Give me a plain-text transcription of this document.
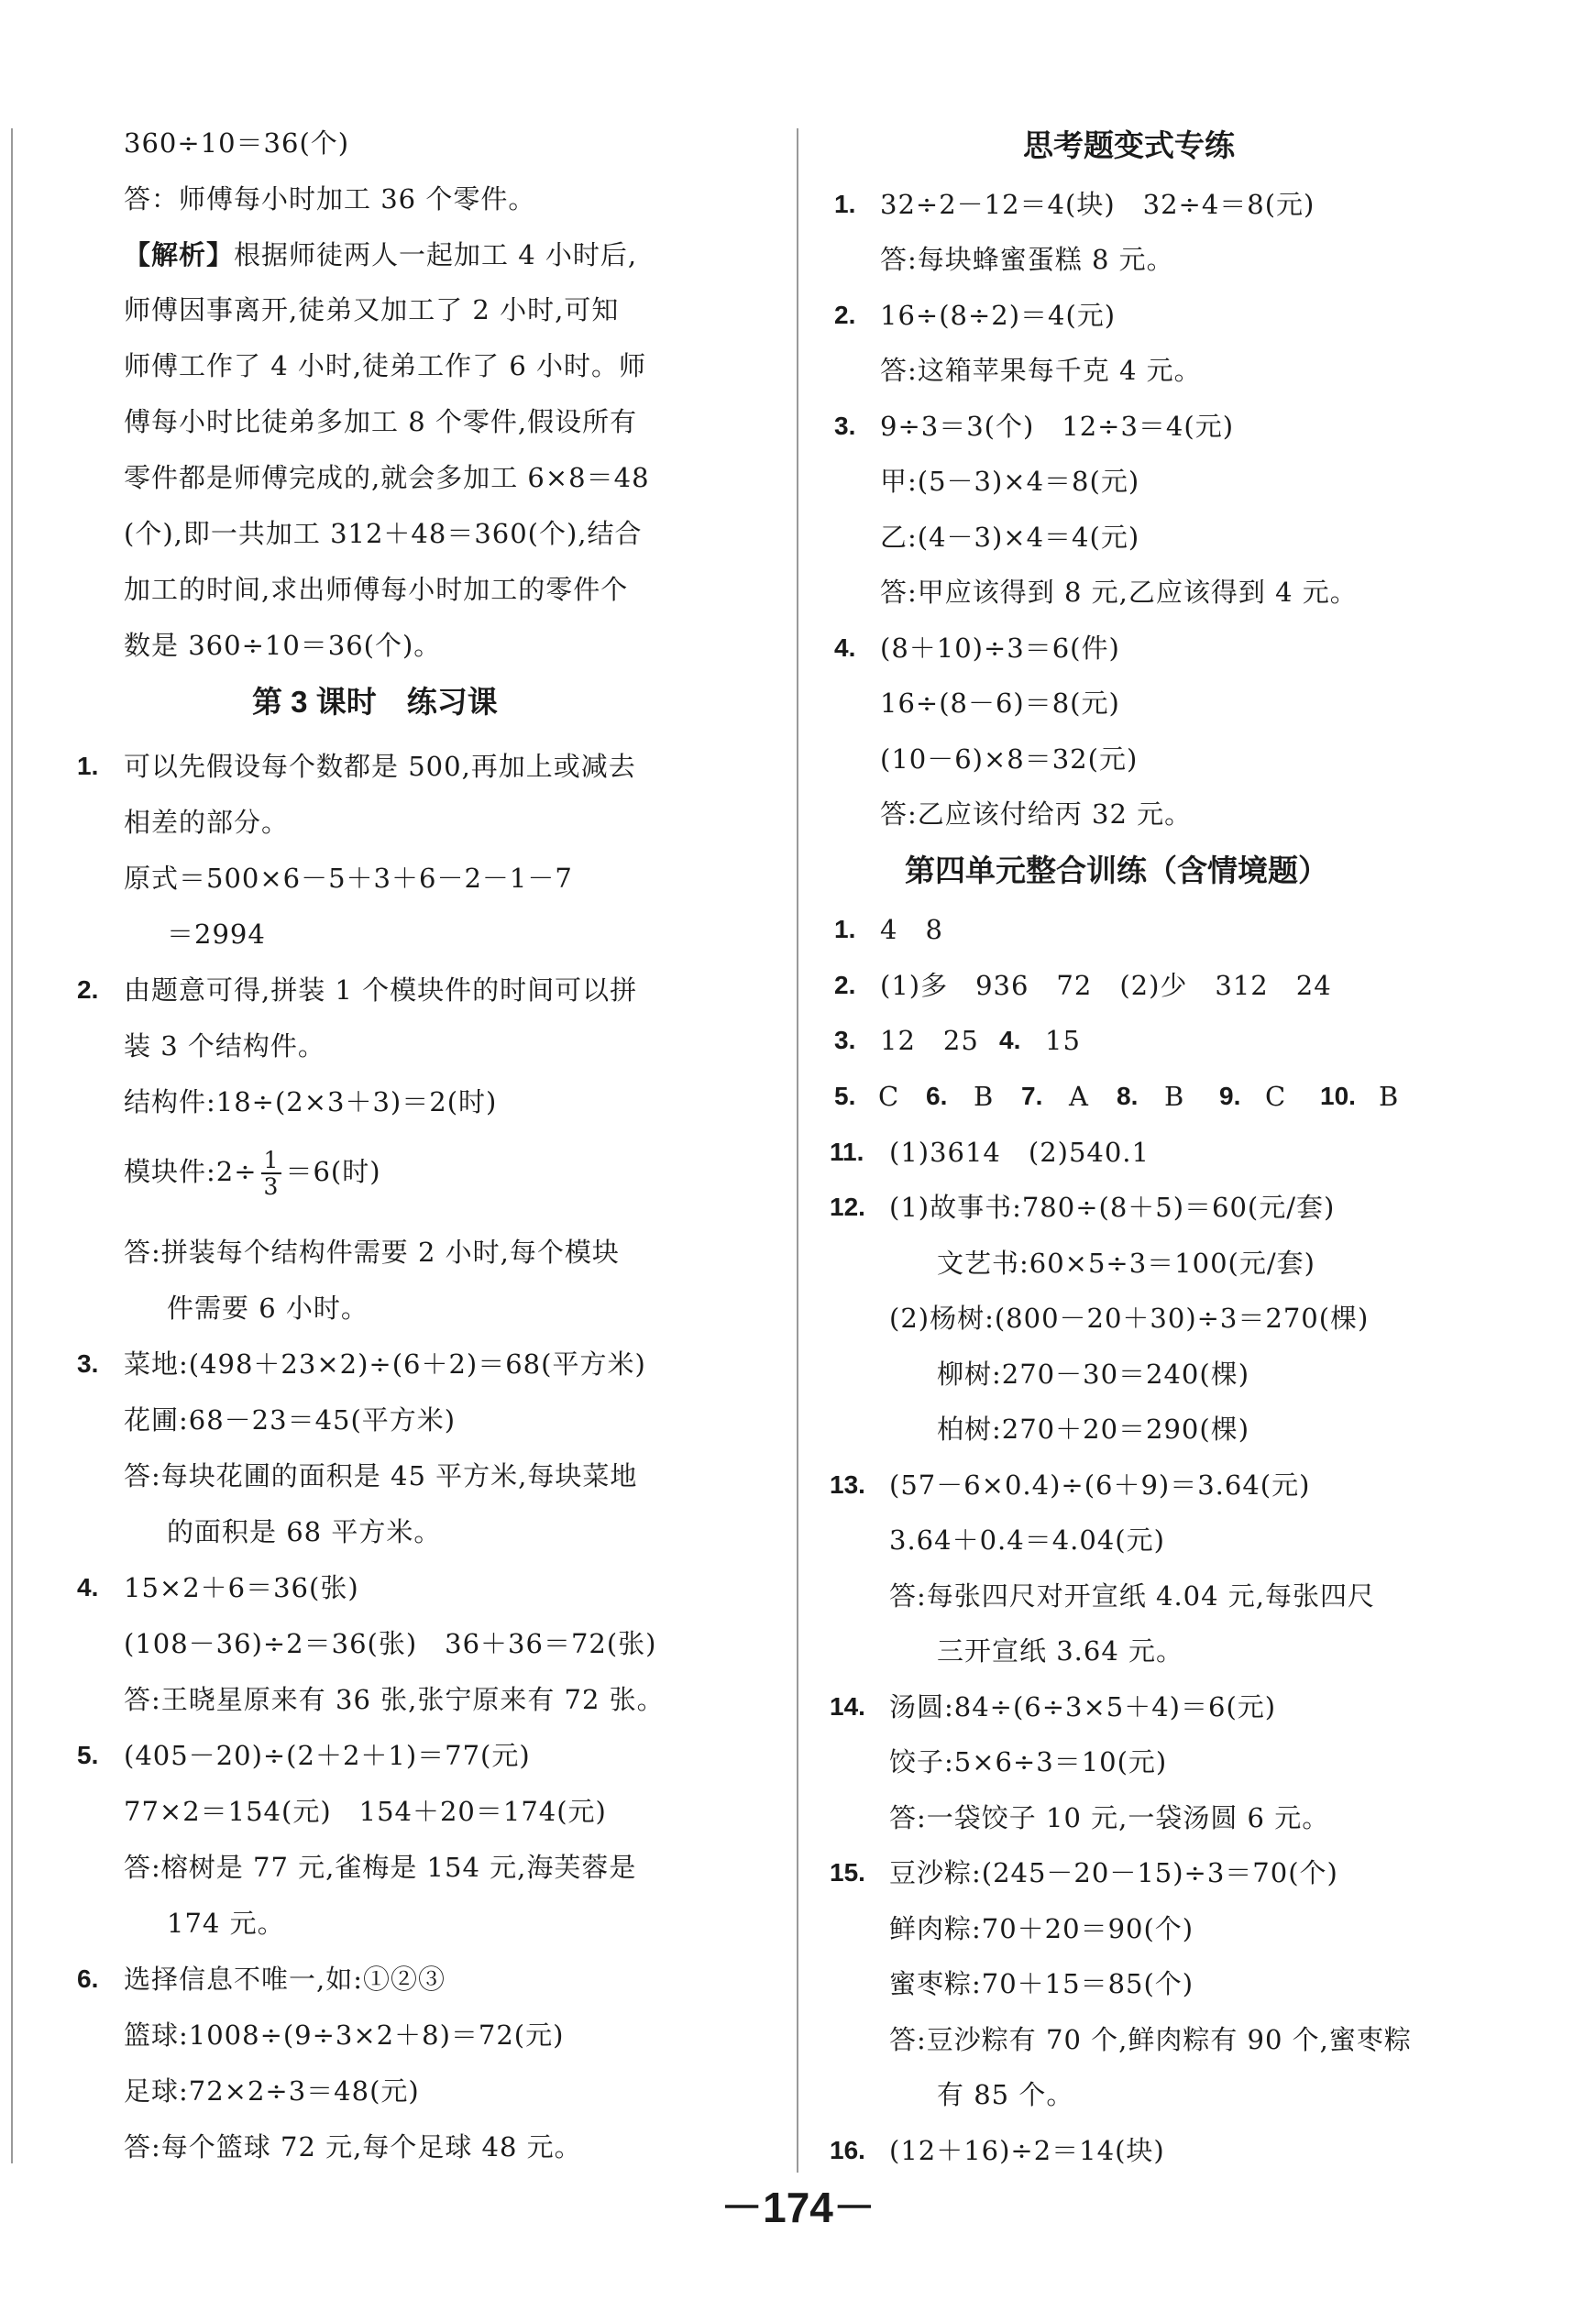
360÷10＝36(个)
答：师傅每小时加工 36 个零件。
【解析】根据师徒两人一起加工 4 小时后,
师傅因事离开,徒弟又加工了 2 小时,可知
师傅工作了 4 小时,徒弟工作了 6 小时。师
傅每小时比徒弟多加工 8 个零件,假设所有
零件都是师傅完成的,就会多加工 6×8＝48
(个),即一共加工 312＋48＝360(个),结合
加工的时间,求出师傅每小时加工的零件个
数是 360÷10＝36(个)。
第 3 课时　练习课
1. 可以先假设每个数都是 500,再加上或减去
相差的部分。
原式＝500×6－5＋3＋6－2－1－7
＝2994
2. 由题意可得,拼装 1 个模块件的时间可以拼
装 3 个结构件。
结构件:18÷(2×3＋3)＝2(时)
模块件:2÷ $\frac{1}{3} =6$(时)
答:拼装每个结构件需要 2 小时,每个模块
件需要 6 小时。
3. 菜地:(498＋23×2)÷(6＋2)＝68(平方米)
花圃:68－23＝45(平方米)
答:每块花圃的面积是 45 平方米,每块菜地
的面积是 68 平方米。
4. 15×2＋6＝36(张)
(108－36)÷2＝36(张)　36＋36＝72(张)
答:王晓星原来有 36 张,张宁原来有 72 张。
5. (405－20)÷(2＋2＋1)＝77(元)
77×2＝154(元)　154＋20＝174(元)
答:榕树是 77 元,雀梅是 154 元,海芙蓉是
174 元。
6. 选择信息不唯一,如:①②③
篮球:1008÷(9÷3×2＋8)＝72(元)
足球:72×2÷3＝48(元)
答:每个篮球 72 元,每个足球 48 元。
思考题变式专练
1. 32÷2－12＝4(块)　32÷4＝8(元)
答:每块蜂蜜蛋糕 8 元。
2. 16÷(8÷2)＝4(元)
答:这箱苹果每千克 4 元。
3. 9÷3＝3(个)　12÷3＝4(元)
甲:(5－3)×4＝8(元)
乙:(4－3)×4＝4(元)
答:甲应该得到 8 元,乙应该得到 4 元。
4. (8＋10)÷3＝6(件)
16÷(8－6)＝8(元)
(10－6)×8＝32(元)
答:乙应该付给丙 32 元。
第四单元整合训练（含情境题）
1. 4　8
2. (1)多　936　72　(2)少　312　24
3. 12　25 4. 15
5. C 6. B 7. A 8. B 9. C 10. B
11. (1)3614　(2)540.1
12. (1)故事书:780÷(8＋5)＝60(元/套)
文艺书:60×5÷3＝100(元/套)
(2)杨树:(800－20＋30)÷3＝270(棵)
柳树:270－30＝240(棵)
柏树:270＋20＝290(棵)
13. (57－6×0.4)÷(6＋9)＝3.64(元)
3.64＋0.4＝4.04(元)
答:每张四尺对开宣纸 4.04 元,每张四尺
三开宣纸 3.64 元。
14. 汤圆:84÷(6÷3×5＋4)＝6(元)
饺子:5×6÷3＝10(元)
答:一袋饺子 10 元,一袋汤圆 6 元。
15. 豆沙粽:(245－20－15)÷3＝70(个)
鲜肉粽:70＋20＝90(个)
蜜枣粽:70＋15＝85(个)
答:豆沙粽有 70 个,鲜肉粽有 90 个,蜜枣粽
有 85 个。
16. (12＋16)÷2＝14(块)
－174－
